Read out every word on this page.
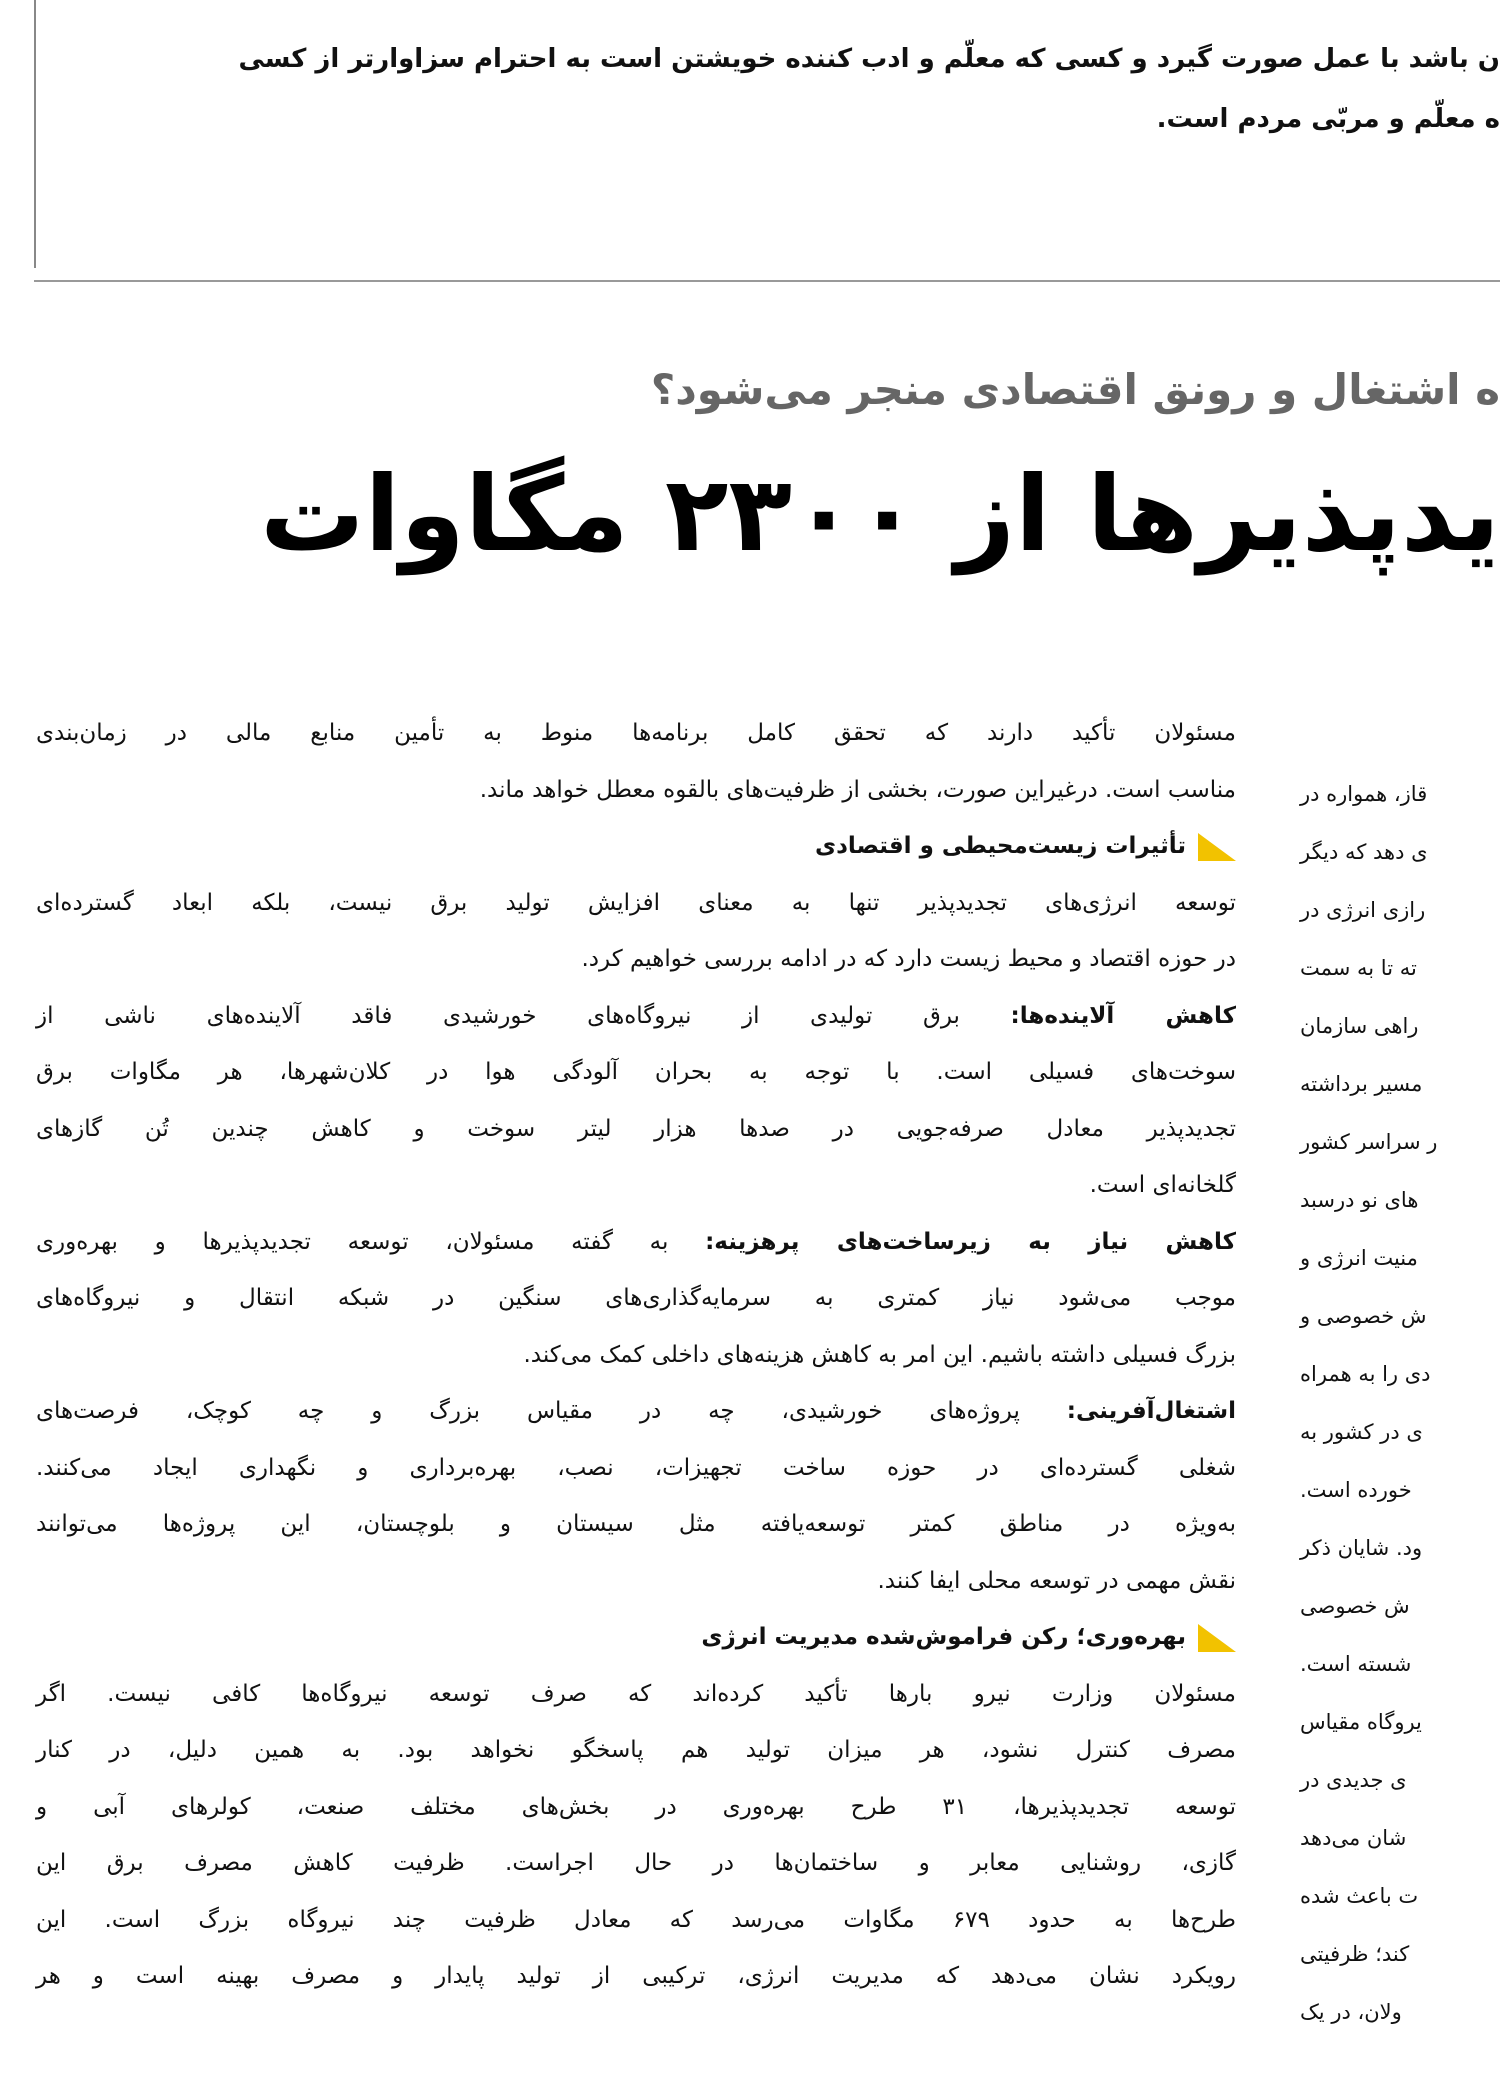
ن باشد با عمل صورت گیرد و کسی که معلّم و ادب کننده خویشتن است به احترام سزاوارتر از کسی
ه معلّم و مربّی مردم است.
ه اشتغال و رونق اقتصادی منجر می‌شود؟
یدپذیرها از ۲۳۰۰ مگاوات
مسئولان تأکید دارند که تحقق کامل برنامه‌ها منوط به تأمین منابع مالی در زمان‌بندی
مناسب است. درغیراین صورت، بخشی از ظرفیت‌های بالقوه معطل خواهد ماند.
تأثیرات زیست‌محیطی و اقتصادی
توسعه انرژی‌های تجدیدپذیر تنها به معنای افزایش تولید برق نیست، بلکه ابعاد گسترده‌ای
در حوزه اقتصاد و محیط زیست دارد که در ادامه بررسی خواهیم کرد.
کاهش آلاینده‌ها: برق تولیدی از نیروگاه‌های خورشیدی فاقد آلاینده‌های ناشی از
سوخت‌های فسیلی است. با توجه به بحران آلودگی هوا در کلان‌شهرها، هر مگاوات برق
تجدیدپذیر معادل صرفه‌جویی در صدها هزار لیتر سوخت و کاهش چندین تُن گازهای
گلخانه‌ای است.
کاهش نیاز به زیرساخت‌های پرهزینه: به گفته مسئولان، توسعه تجدیدپذیرها و بهره‌وری
موجب می‌شود نیاز کمتری به سرمایه‌گذاری‌های سنگین در شبکه انتقال و نیروگاه‌های
بزرگ فسیلی داشته باشیم. این امر به کاهش هزینه‌های داخلی کمک می‌کند.
اشتغال‌آفرینی: پروژه‌های خورشیدی، چه در مقیاس بزرگ و چه کوچک، فرصت‌های
شغلی گسترده‌ای در حوزه ساخت تجهیزات، نصب، بهره‌برداری و نگهداری ایجاد می‌کنند.
به‌ویژه در مناطق کمتر توسعه‌یافته مثل سیستان و بلوچستان، این پروژه‌ها می‌توانند
نقش مهمی در توسعه محلی ایفا کنند.
بهره‌وری؛ رکن فراموش‌شده مدیریت انرژی
مسئولان وزارت نیرو بارها تأکید کرده‌اند که صرف توسعه نیروگاه‌ها کافی نیست. اگر
مصرف کنترل نشود، هر میزان تولید هم پاسخگو نخواهد بود. به همین دلیل، در کنار
توسعه تجدیدپذیرها، ۳۱ طرح بهره‌وری در بخش‌های مختلف صنعت، کولرهای آبی و
گازی، روشنایی معابر و ساختمان‌ها در حال اجراست. ظرفیت کاهش مصرف برق این
طرح‌ها به حدود ۶۷۹ مگاوات می‌رسد که معادل ظرفیت چند نیروگاه بزرگ است. این
رویکرد نشان می‌دهد که مدیریت انرژی، ترکیبی از تولید پایدار و مصرف بهینه است و هر
قاز، همواره در
ی دهد که دیگر
رازی انرژی در
ته تا به سمت
راهی سازمان
مسیر برداشته
ر سراسر کشور
های نو درسبد
منیت انرژی و
ش خصوصی و
دی را به همراه
ی در کشور به
خورده است.
ود. شایان ذکر
ش خصوصی
شسته است.
یروگاه مقیاس
ی جدیدی در
شان می‌دهد
ت باعث شده
کند؛ ظرفیتی
ولان، در یک
